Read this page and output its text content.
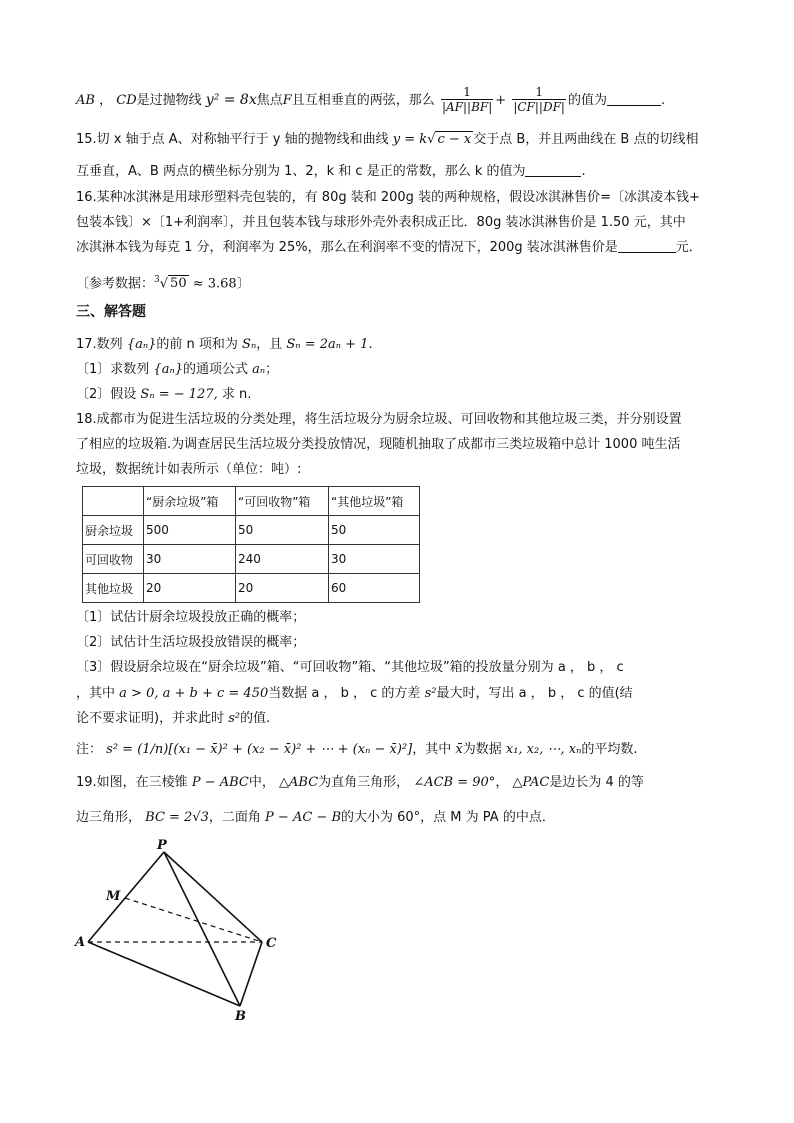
AB ， CD是过抛物线 y² = 8x焦点F且互相垂直的两弦，那么 $\frac{1}{|AF||BF|} + \frac{1}{|CF||DF|}$ 的值为	.
15.切 x 轴于点 A、对称轴平行于 y 轴的抛物线和曲线 y = k√ c − x 交于点 B，并且两曲线在 B 点的切线相
互垂直，A、B 两点的横坐标分别为 1、2，k 和 c 是正的常数，那么 k 的值为	.
16.某种冰淇淋是用球形塑料壳包装的，有 80g 装和 200g 装的两种规格，假设冰淇淋售价=〔冰淇凌本钱+
包装本钱〕×〔1+利润率〕，并且包装本钱与球形外壳外表积成正比．80g 装冰淇淋售价是 1.50 元，其中
冰淇淋本钱为每克 1 分，利润率为 25%，那么在利润率不变的情况下，200g 装冰淇淋售价是	元．
〔参考数据：$^3$√ 50 ≈ 3.68〕
三、解答题
17.数列 {aₙ}的前 n 项和为 Sₙ，且 Sₙ = 2aₙ + 1.
〔1〕求数列 {aₙ}的通项公式 aₙ；
〔2〕假设 Sₙ = − 127, 求 n.
18.成都市为促进生活垃圾的分类处理，将生活垃圾分为厨余垃圾、可回收物和其他垃圾三类，并分别设置
了相应的垃圾箱.为调查居民生活垃圾分类投放情况，现随机抽取了成都市三类垃圾箱中总计 1000 吨生活
垃圾，数据统计如表所示（单位：吨）:
	“厨余垃圾”箱	“可回收物”箱	“其他垃圾”箱
厨余垃圾	500	50	50
可回收物	30	240	30
其他垃圾	20	20	60
〔1〕试估计厨余垃圾投放正确的概率；
〔2〕试估计生活垃圾投放错误的概率；
〔3〕假设厨余垃圾在“厨余垃圾”箱、“可回收物”箱、“其他垃圾”箱的投放量分别为 a ， b ， c
，其中 a > 0, a + b + c = 450当数据 a ， b ， c 的方差 s²最大时，写出 a ， b ， c 的值(结
论不要求证明)，并求此时 s²的值.
注： s² = (1/n)[(x₁ − x̄)² + (x₂ − x̄)² + ⋯ + (xₙ − x̄)²]，其中 x̄为数据 x₁, x₂, ⋯, xₙ的平均数.
19.如图，在三棱锥 P − ABC中， △ABC为直角三角形， ∠ACB = 90°， △PAC是边长为 4 的等
边三角形， BC = 2√3，二面角 P − AC − B的大小为 60°，点 M 为 PA 的中点．
P
M
A	C
B
